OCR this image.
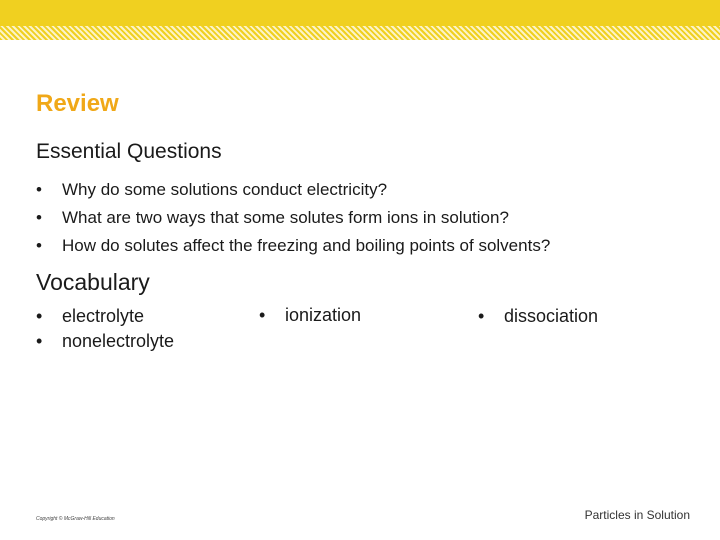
Review
Essential Questions
•	Why do some solutions conduct electricity?
•	What are two ways that some solutes form ions in solution?
•	How do solutes affect the freezing and boiling points of solvents?
Vocabulary
•	electrolyte
•	nonelectrolyte
•	ionization	•	dissociation
Copyright © McGraw-Hill Education	Particles in Solution
